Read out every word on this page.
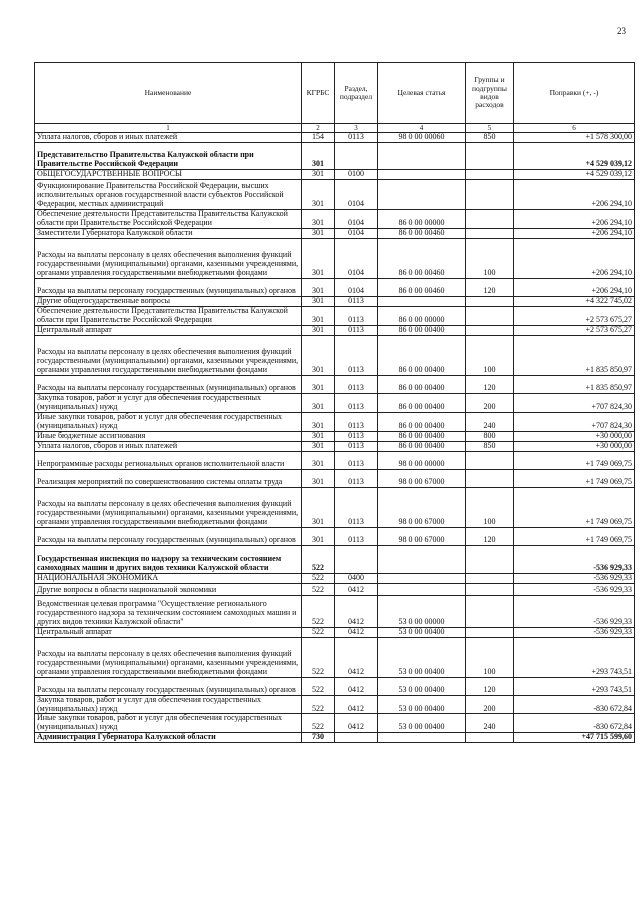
23
Наименование	КГРБС	Раздел, подраздел	Целевая статья	Группы и подгруппы видов расходов	Поправки (+, -)
1	2	3	4	5	6
Уплата налогов, сборов и иных платежей	154	0113	98 0 00 00060	850	+1 578 300,00
Представительство Правительства Калужской области при Правительстве Российской Федерации	301				+4 529 039,12
ОБЩЕГОСУДАРСТВЕННЫЕ ВОПРОСЫ	301	0100			+4 529 039,12
Функционирование Правительства Российской Федерации, высших исполнительных органов государственной власти субъектов Российской Федерации, местных администраций	301	0104			+206 294,10
Обеспечение деятельности Представительства Правительства Калужской области при Правительстве Российской Федерации	301	0104	86 0 00 00000		+206 294,10
Заместители Губернатора Калужской области	301	0104	86 0 00 00460		+206 294,10
Расходы на выплаты персоналу в целях обеспечения выполнения функций государственными (муниципальными) органами, казенными учреждениями, органами управления государственными внебюджетными фондами	301	0104	86 0 00 00460	100	+206 294,10
Расходы на выплаты персоналу государственных (муниципальных) органов	301	0104	86 0 00 00460	120	+206 294,10
Другие общегосударственные вопросы	301	0113			+4 322 745,02
Обеспечение деятельности Представительства Правительства Калужской области при Правительстве Российской Федерации	301	0113	86 0 00 00000		+2 573 675,27
Центральный аппарат	301	0113	86 0 00 00400		+2 573 675,27
Расходы на выплаты персоналу в целях обеспечения выполнения функций государственными (муниципальными) органами, казенными учреждениями, органами управления государственными внебюджетными фондами	301	0113	86 0 00 00400	100	+1 835 850,97
Расходы на выплаты персоналу государственных (муниципальных) органов	301	0113	86 0 00 00400	120	+1 835 850,97
Закупка товаров, работ и услуг для обеспечения государственных (муниципальных) нужд	301	0113	86 0 00 00400	200	+707 824,30
Иные закупки товаров, работ и услуг для обеспечения государственных (муниципальных) нужд	301	0113	86 0 00 00400	240	+707 824,30
Иные бюджетные ассигнования	301	0113	86 0 00 00400	800	+30 000,00
Уплата налогов, сборов и иных платежей	301	0113	86 0 00 00400	850	+30 000,00
Непрограммные расходы региональных органов исполнительной власти	301	0113	98 0 00 00000		+1 749 069,75
Реализация мероприятий по совершенствованию системы оплаты труда	301	0113	98 0 00 67000		+1 749 069,75
Расходы на выплаты персоналу в целях обеспечения выполнения функций государственными (муниципальными) органами, казенными учреждениями, органами управления государственными внебюджетными фондами	301	0113	98 0 00 67000	100	+1 749 069,75
Расходы на выплаты персоналу государственных (муниципальных) органов	301	0113	98 0 00 67000	120	+1 749 069,75
Государственная инспекция по надзору за техническим состоянием самоходных машин и других видов техники Калужской области	522				-536 929,33
НАЦИОНАЛЬНАЯ ЭКОНОМИКА	522	0400			-536 929,33
Другие вопросы в области национальной экономики	522	0412			-536 929,33
Ведомственная целевая программа "Осуществление регионального государственного надзора за техническим состоянием самоходных машин и других видов техники Калужской области"	522	0412	53 0 00 00000		-536 929,33
Центральный аппарат	522	0412	53 0 00 00400		-536 929,33
Расходы на выплаты персоналу в целях обеспечения выполнения функций государственными (муниципальными) органами, казенными учреждениями, органами управления государственными внебюджетными фондами	522	0412	53 0 00 00400	100	+293 743,51
Расходы на выплаты персоналу государственных (муниципальных) органов	522	0412	53 0 00 00400	120	+293 743,51
Закупка товаров, работ и услуг для обеспечения государственных (муниципальных) нужд	522	0412	53 0 00 00400	200	-830 672,84
Иные закупки товаров, работ и услуг для обеспечения государственных (муниципальных) нужд	522	0412	53 0 00 00400	240	-830 672,84
Администрация Губернатора Калужской области	730				+47 715 599,60
